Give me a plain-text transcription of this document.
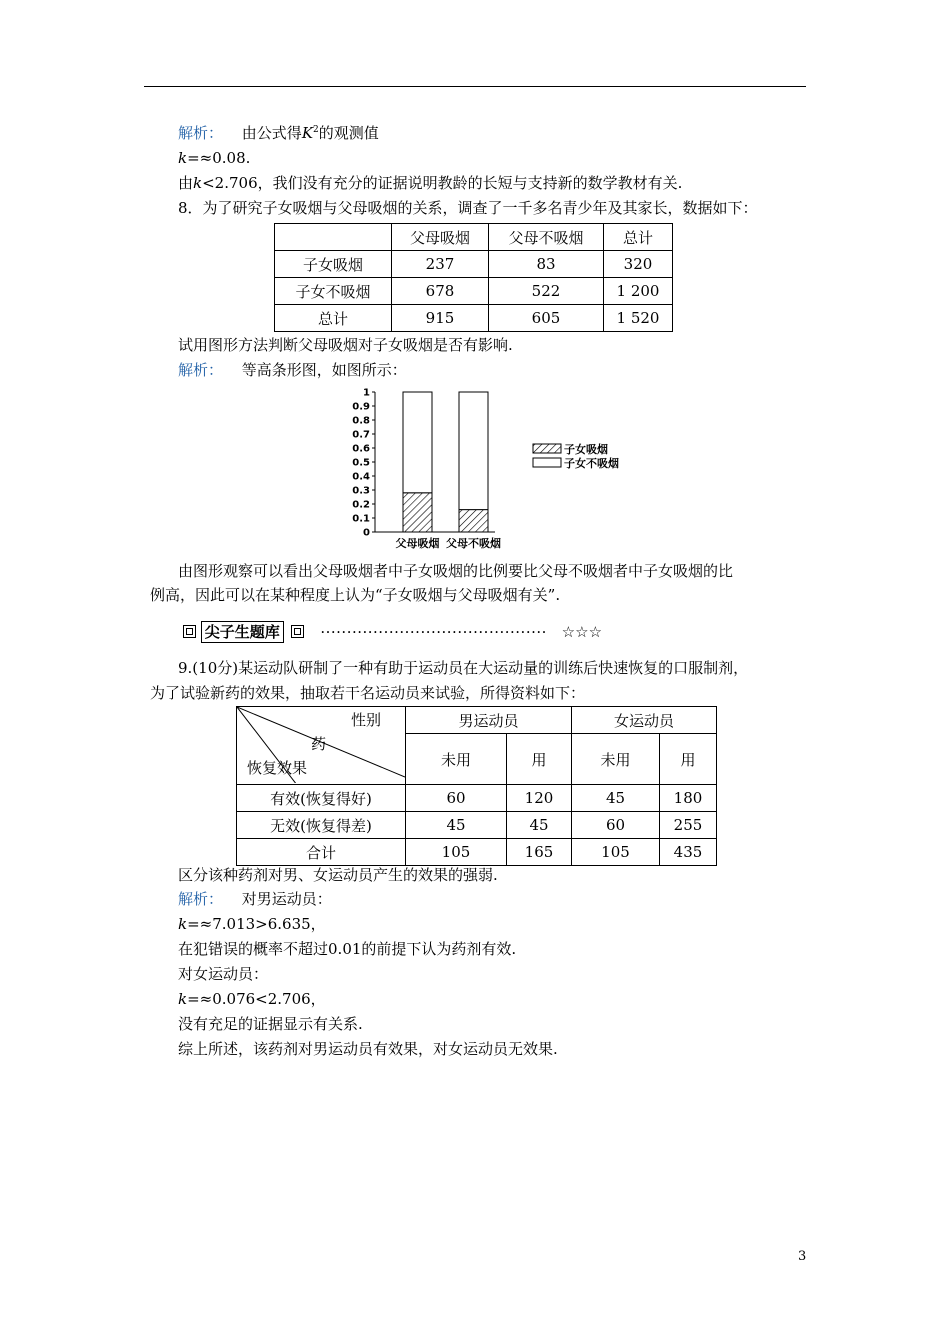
解析： 由公式得$K^2$的观测值
k=≈0.08.
由k<2.706，我们没有充分的证据说明教龄的长短与支持新的数学教材有关.
8．为了研究子女吸烟与父母吸烟的关系，调查了一千多名青少年及其家长，数据如下：
	父母吸烟	父母不吸烟	总计
子女吸烟	237	83	320
子女不吸烟	678	522	1 200
总计	915	605	1 520
试用图形方法判断父母吸烟对子女吸烟是否有影响.
解析： 等高条形图，如图所示：
0
0.1
0.2
0.3
0.4
0.5
0.6
0.7
0.8
0.9
1
父母吸烟 父母不吸烟
子女吸烟
子女不吸烟
由图形观察可以看出父母吸烟者中子女吸烟的比例要比父母不吸烟者中子女吸烟的比
例高，因此可以在某种程度上认为“子女吸烟与父母吸烟有关”.
尖子生题库	··········································· ☆☆☆
9.(10分)某运动队研制了一种有助于运动员在大运动量的训练后快速恢复的口服制剂，
为了试验新药的效果，抽取若干名运动员来试验，所得资料如下：
性别
药
恢复效果	男运动员		女运动员	
	未用	用	未用	用
有效(恢复得好)	60	120	45	180
无效(恢复得差)	45	45	60	255
合计	105	165	105	435
区分该种药剂对男、女运动员产生的效果的强弱.
解析： 对男运动员：
k=≈7.013>6.635，
在犯错误的概率不超过0.01的前提下认为药剂有效.
对女运动员：
k=≈0.076<2.706，
没有充足的证据显示有关系.
综上所述，该药剂对男运动员有效果，对女运动员无效果.
3
